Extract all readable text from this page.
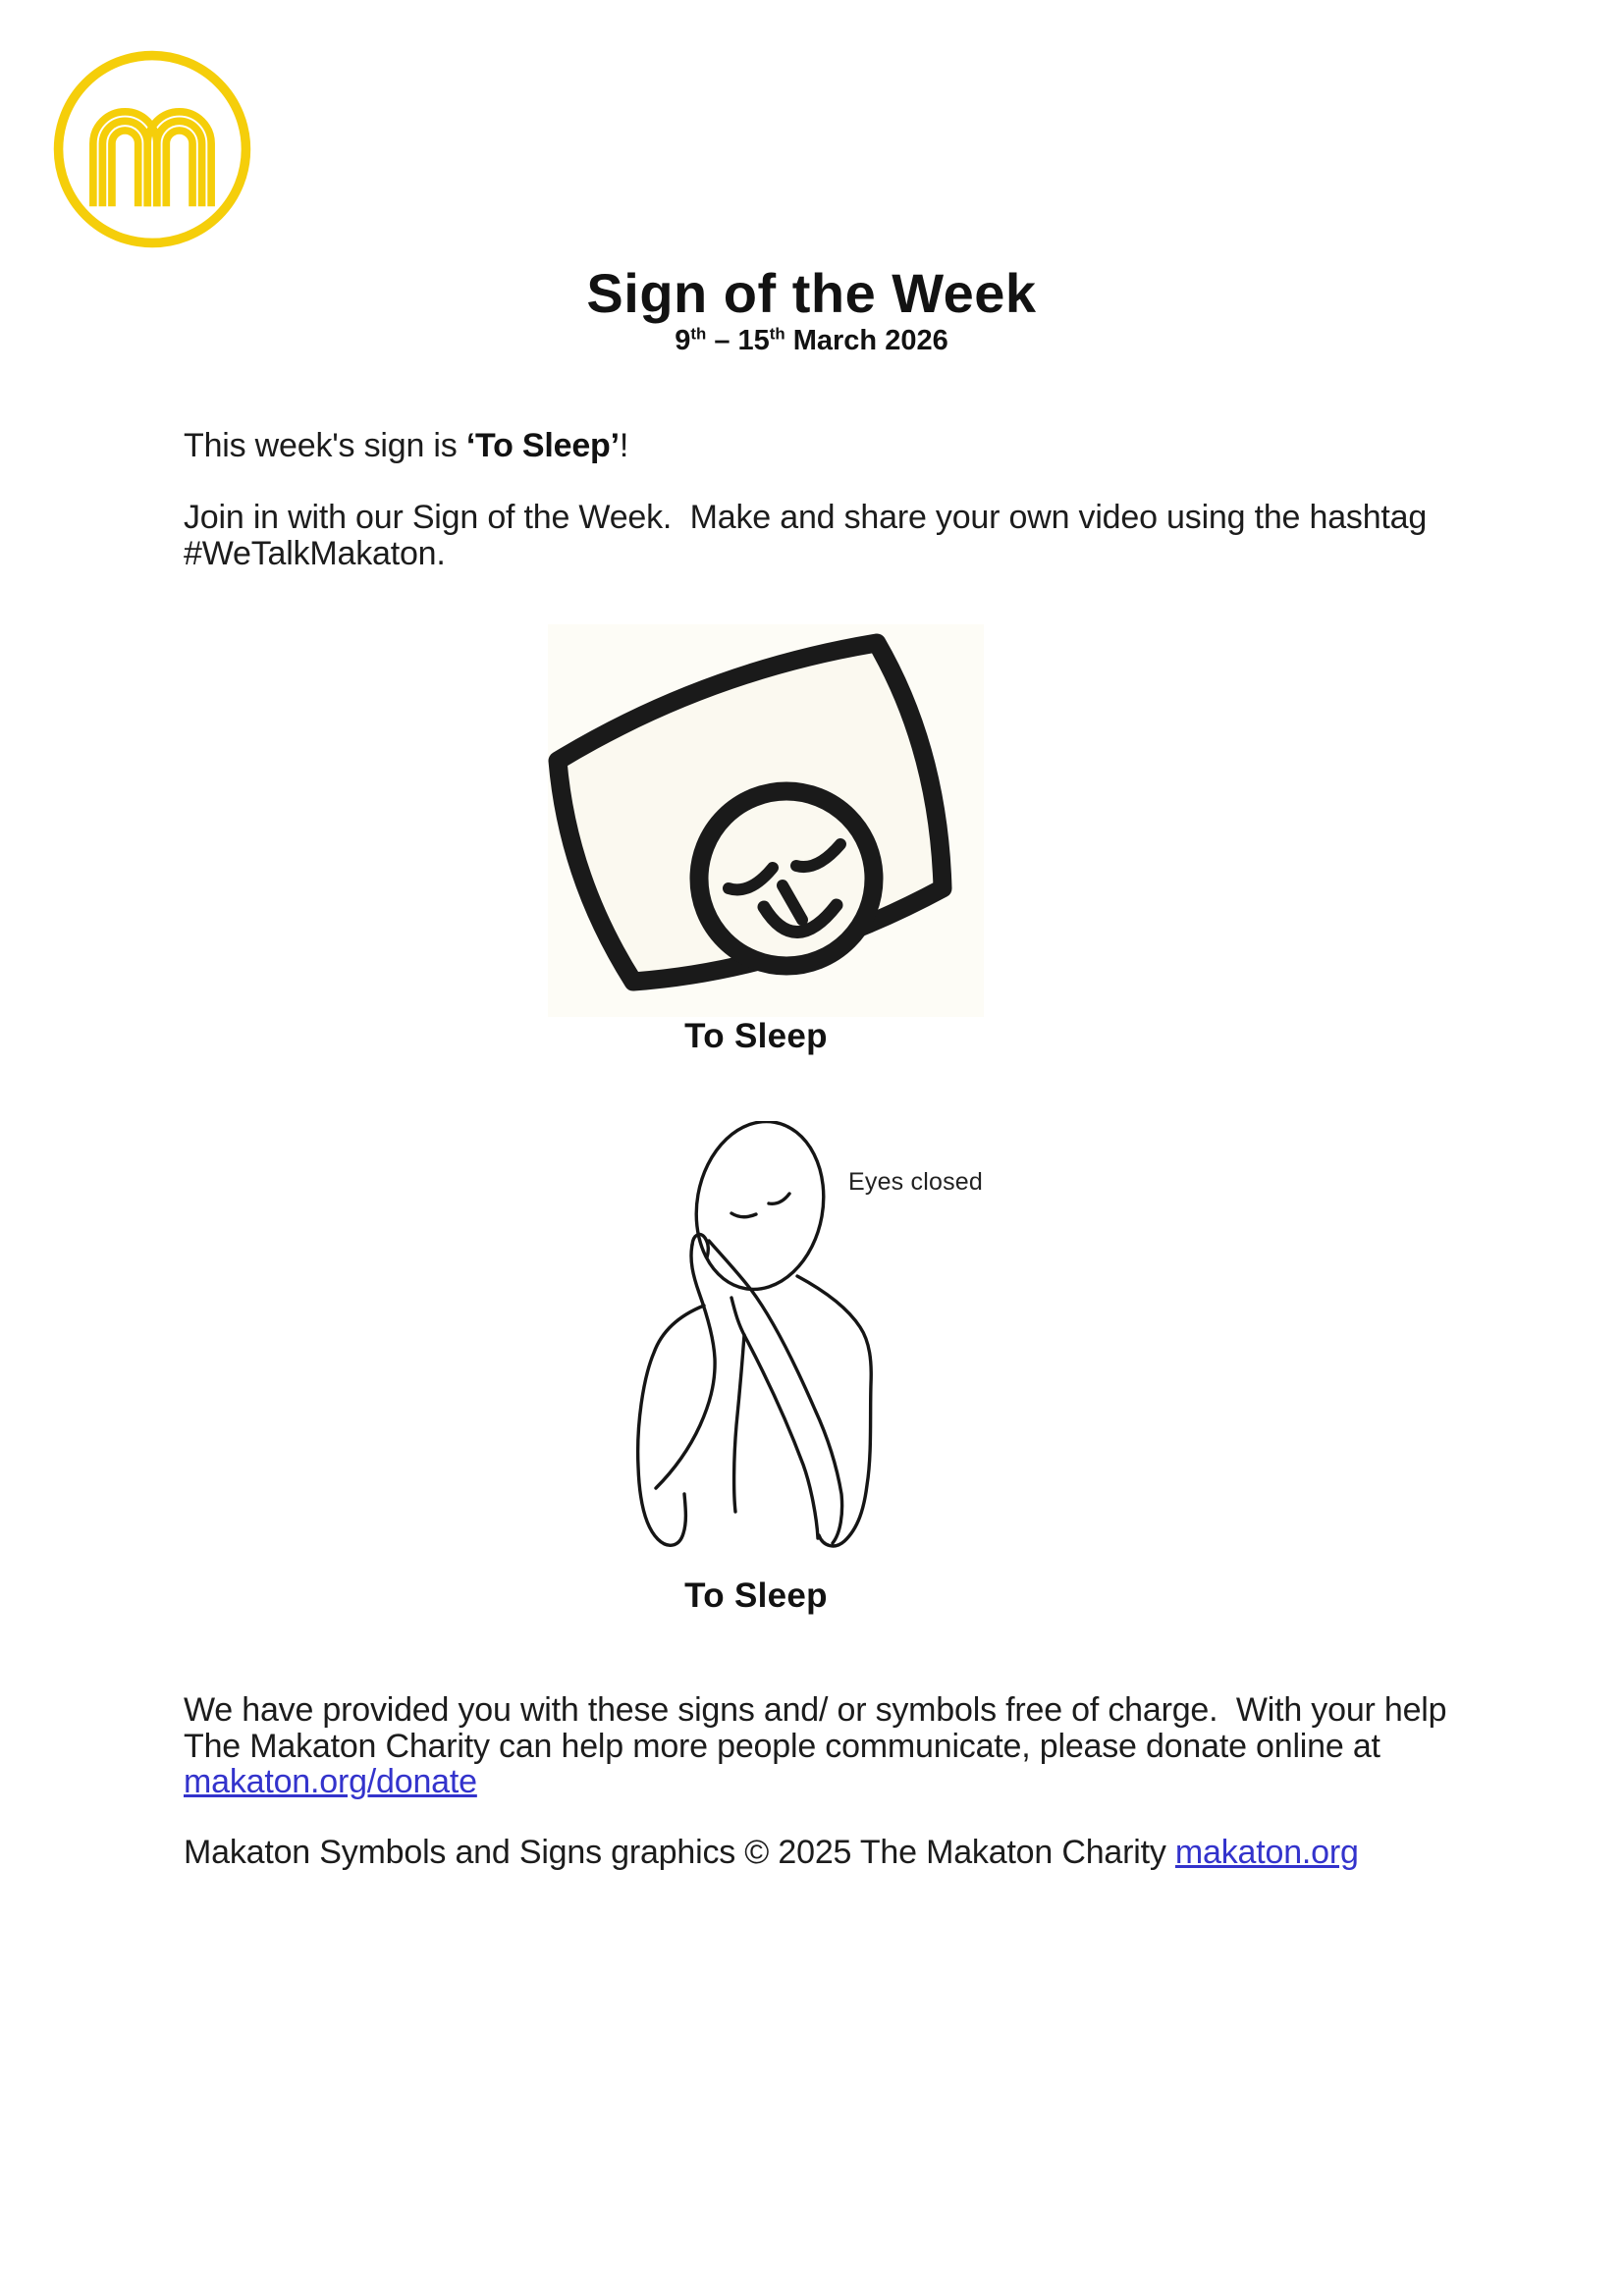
Sign of the Week
9th – 15th March 2026
This week's sign is ‘To Sleep’!
Join in with our Sign of the Week.  Make and share your own video using the hashtag
#WeTalkMakaton.
To Sleep
Eyes closed
To Sleep
We have provided you with these signs and/ or symbols free of charge.  With your help
The Makaton Charity can help more people communicate, please donate online at
makaton.org/donate
Makaton Symbols and Signs graphics © 2025 The Makaton Charity makaton.org
